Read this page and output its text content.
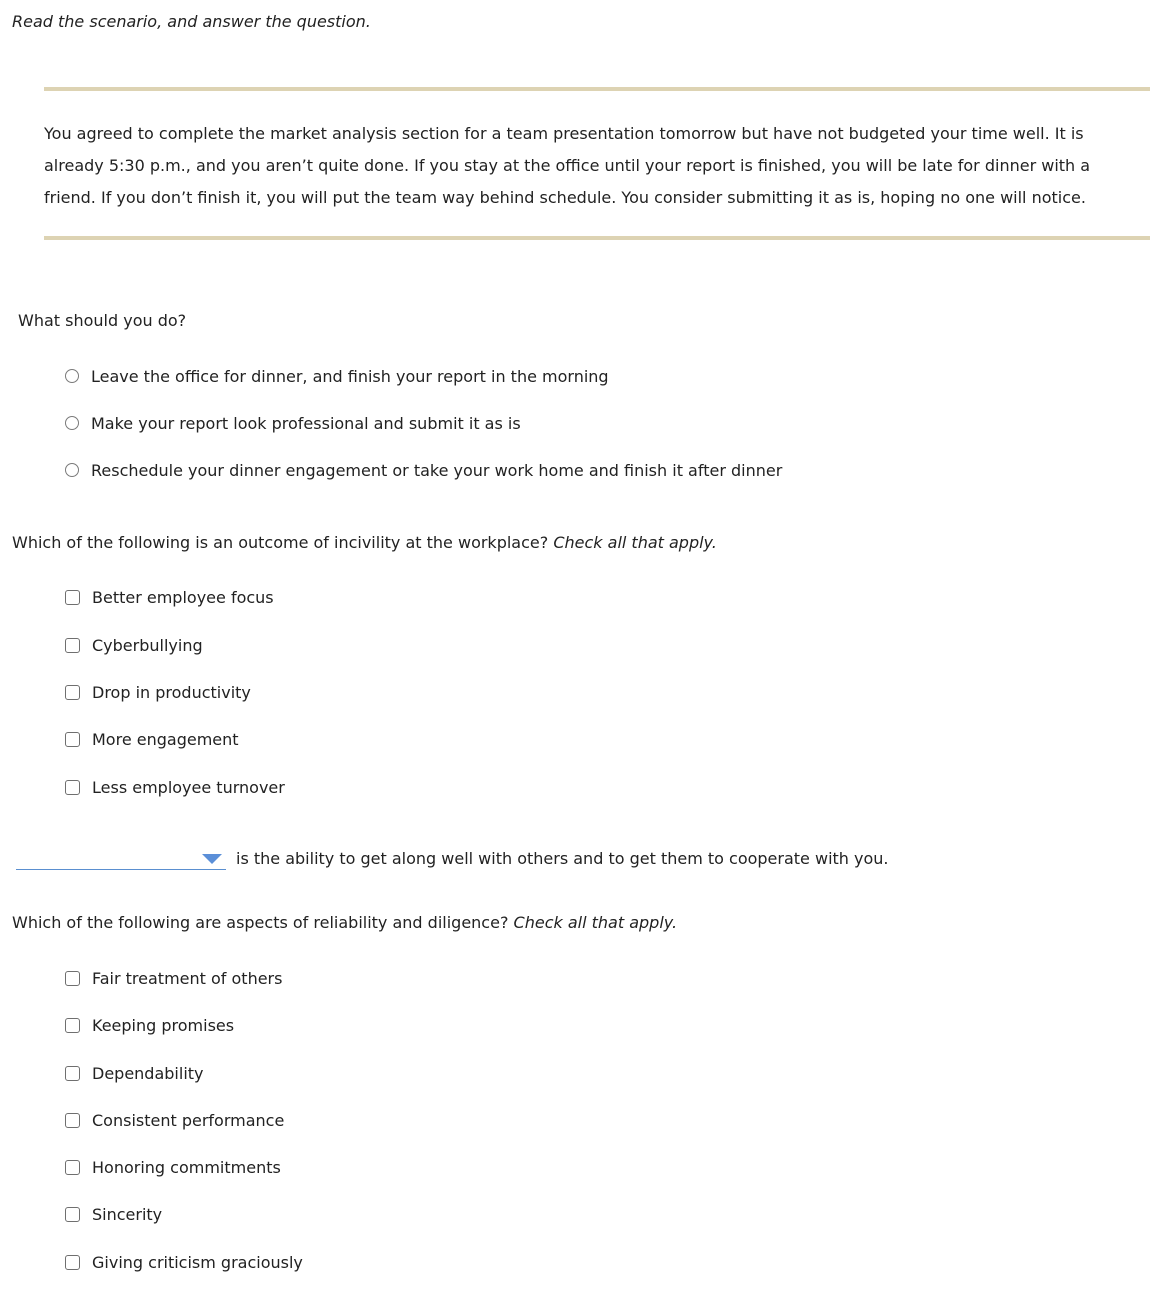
Read the scenario, and answer the question.
You agreed to complete the market analysis section for a team presentation tomorrow but have not budgeted your time well. It is already 5:30 p.m., and you aren’t quite done. If you stay at the office until your report is finished, you will be late for dinner with a friend. If you don’t finish it, you will put the team way behind schedule. You consider submitting it as is, hoping no one will notice.
What should you do?
Leave the office for dinner, and finish your report in the morning
Make your report look professional and submit it as is
Reschedule your dinner engagement or take your work home and finish it after dinner
Which of the following is an outcome of incivility at the workplace? Check all that apply.
Better employee focus
Cyberbullying
Drop in productivity
More engagement
Less employee turnover
is the ability to get along well with others and to get them to cooperate with you.
Which of the following are aspects of reliability and diligence? Check all that apply.
Fair treatment of others
Keeping promises
Dependability
Consistent performance
Honoring commitments
Sincerity
Giving criticism graciously
